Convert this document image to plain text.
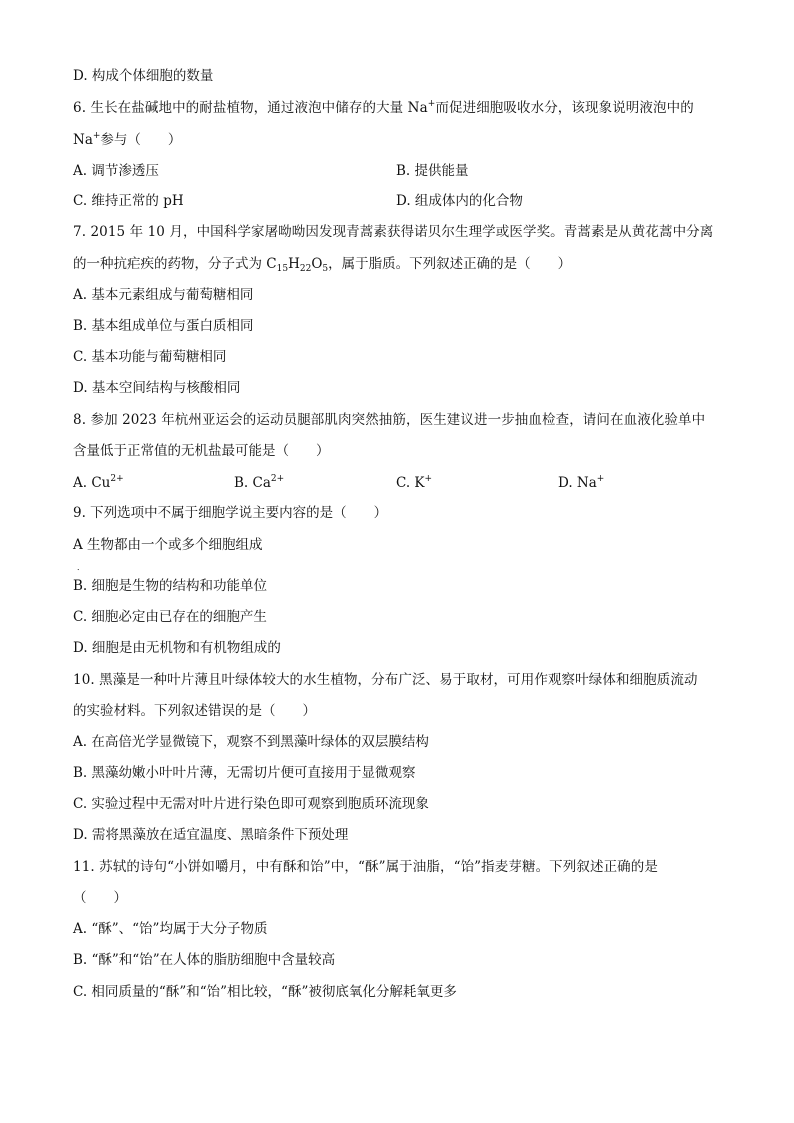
D. 构成个体细胞的数量
6. 生长在盐碱地中的耐盐植物，通过液泡中储存的大量 Na+而促进细胞吸收水分，该现象说明液泡中的
Na+参与（　　）
A. 调节渗透压	B. 提供能量
C. 维持正常的 pH	D. 组成体内的化合物
7. 2015 年 10 月，中国科学家屠呦呦因发现青蒿素获得诺贝尔生理学或医学奖。青蒿素是从黄花蒿中分离
的一种抗疟疾的药物，分子式为 $C_{15}H_{22}O_5$，属于脂质。下列叙述正确的是（　　）
A. 基本元素组成与葡萄糖相同
B. 基本组成单位与蛋白质相同
C. 基本功能与葡萄糖相同
D. 基本空间结构与核酸相同
8. 参加 2023 年杭州亚运会的运动员腿部肌肉突然抽筋，医生建议进一步抽血检查，请问在血液化验单中
含量低于正常值的无机盐最可能是（　　）
A. $Cu^{2+}$	B. $Ca^{2+}$	C. K+	D. Na+
9. 下列选项中不属于细胞学说主要内容的是（　　）
A 生物都由一个或多个细胞组成
．
B. 细胞是生物的结构和功能单位
C. 细胞必定由已存在的细胞产生
D. 细胞是由无机物和有机物组成的
10. 黑藻是一种叶片薄且叶绿体较大的水生植物，分布广泛、易于取材，可用作观察叶绿体和细胞质流动
的实验材料。下列叙述错误的是（　　）
A. 在高倍光学显微镜下，观察不到黑藻叶绿体的双层膜结构
B. 黑藻幼嫩小叶叶片薄，无需切片便可直接用于显微观察
C. 实验过程中无需对叶片进行染色即可观察到胞质环流现象
D. 需将黑藻放在适宜温度、黑暗条件下预处理
11. 苏轼的诗句“小饼如嚼月，中有酥和饴”中，“酥”属于油脂，“饴”指麦芽糖。下列叙述正确的是
（　　）
A. “酥”、“饴”均属于大分子物质
B. “酥”和“饴”在人体的脂肪细胞中含量较高
C. 相同质量的“酥”和“饴”相比较，“酥”被彻底氧化分解耗氧更多
